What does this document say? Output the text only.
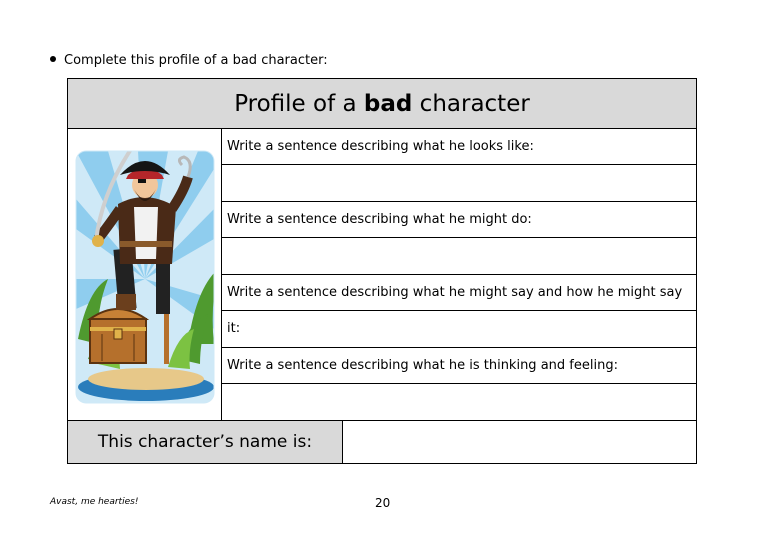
Complete this profile of a bad character:
Profile of a bad character
Write a sentence describing what he looks like:
Write a sentence describing what he might do:
Write a sentence describing what he might say and how he might say it:
Write a sentence describing what he is thinking and feeling:
This character’s name is:
Avast, me hearties!	20
